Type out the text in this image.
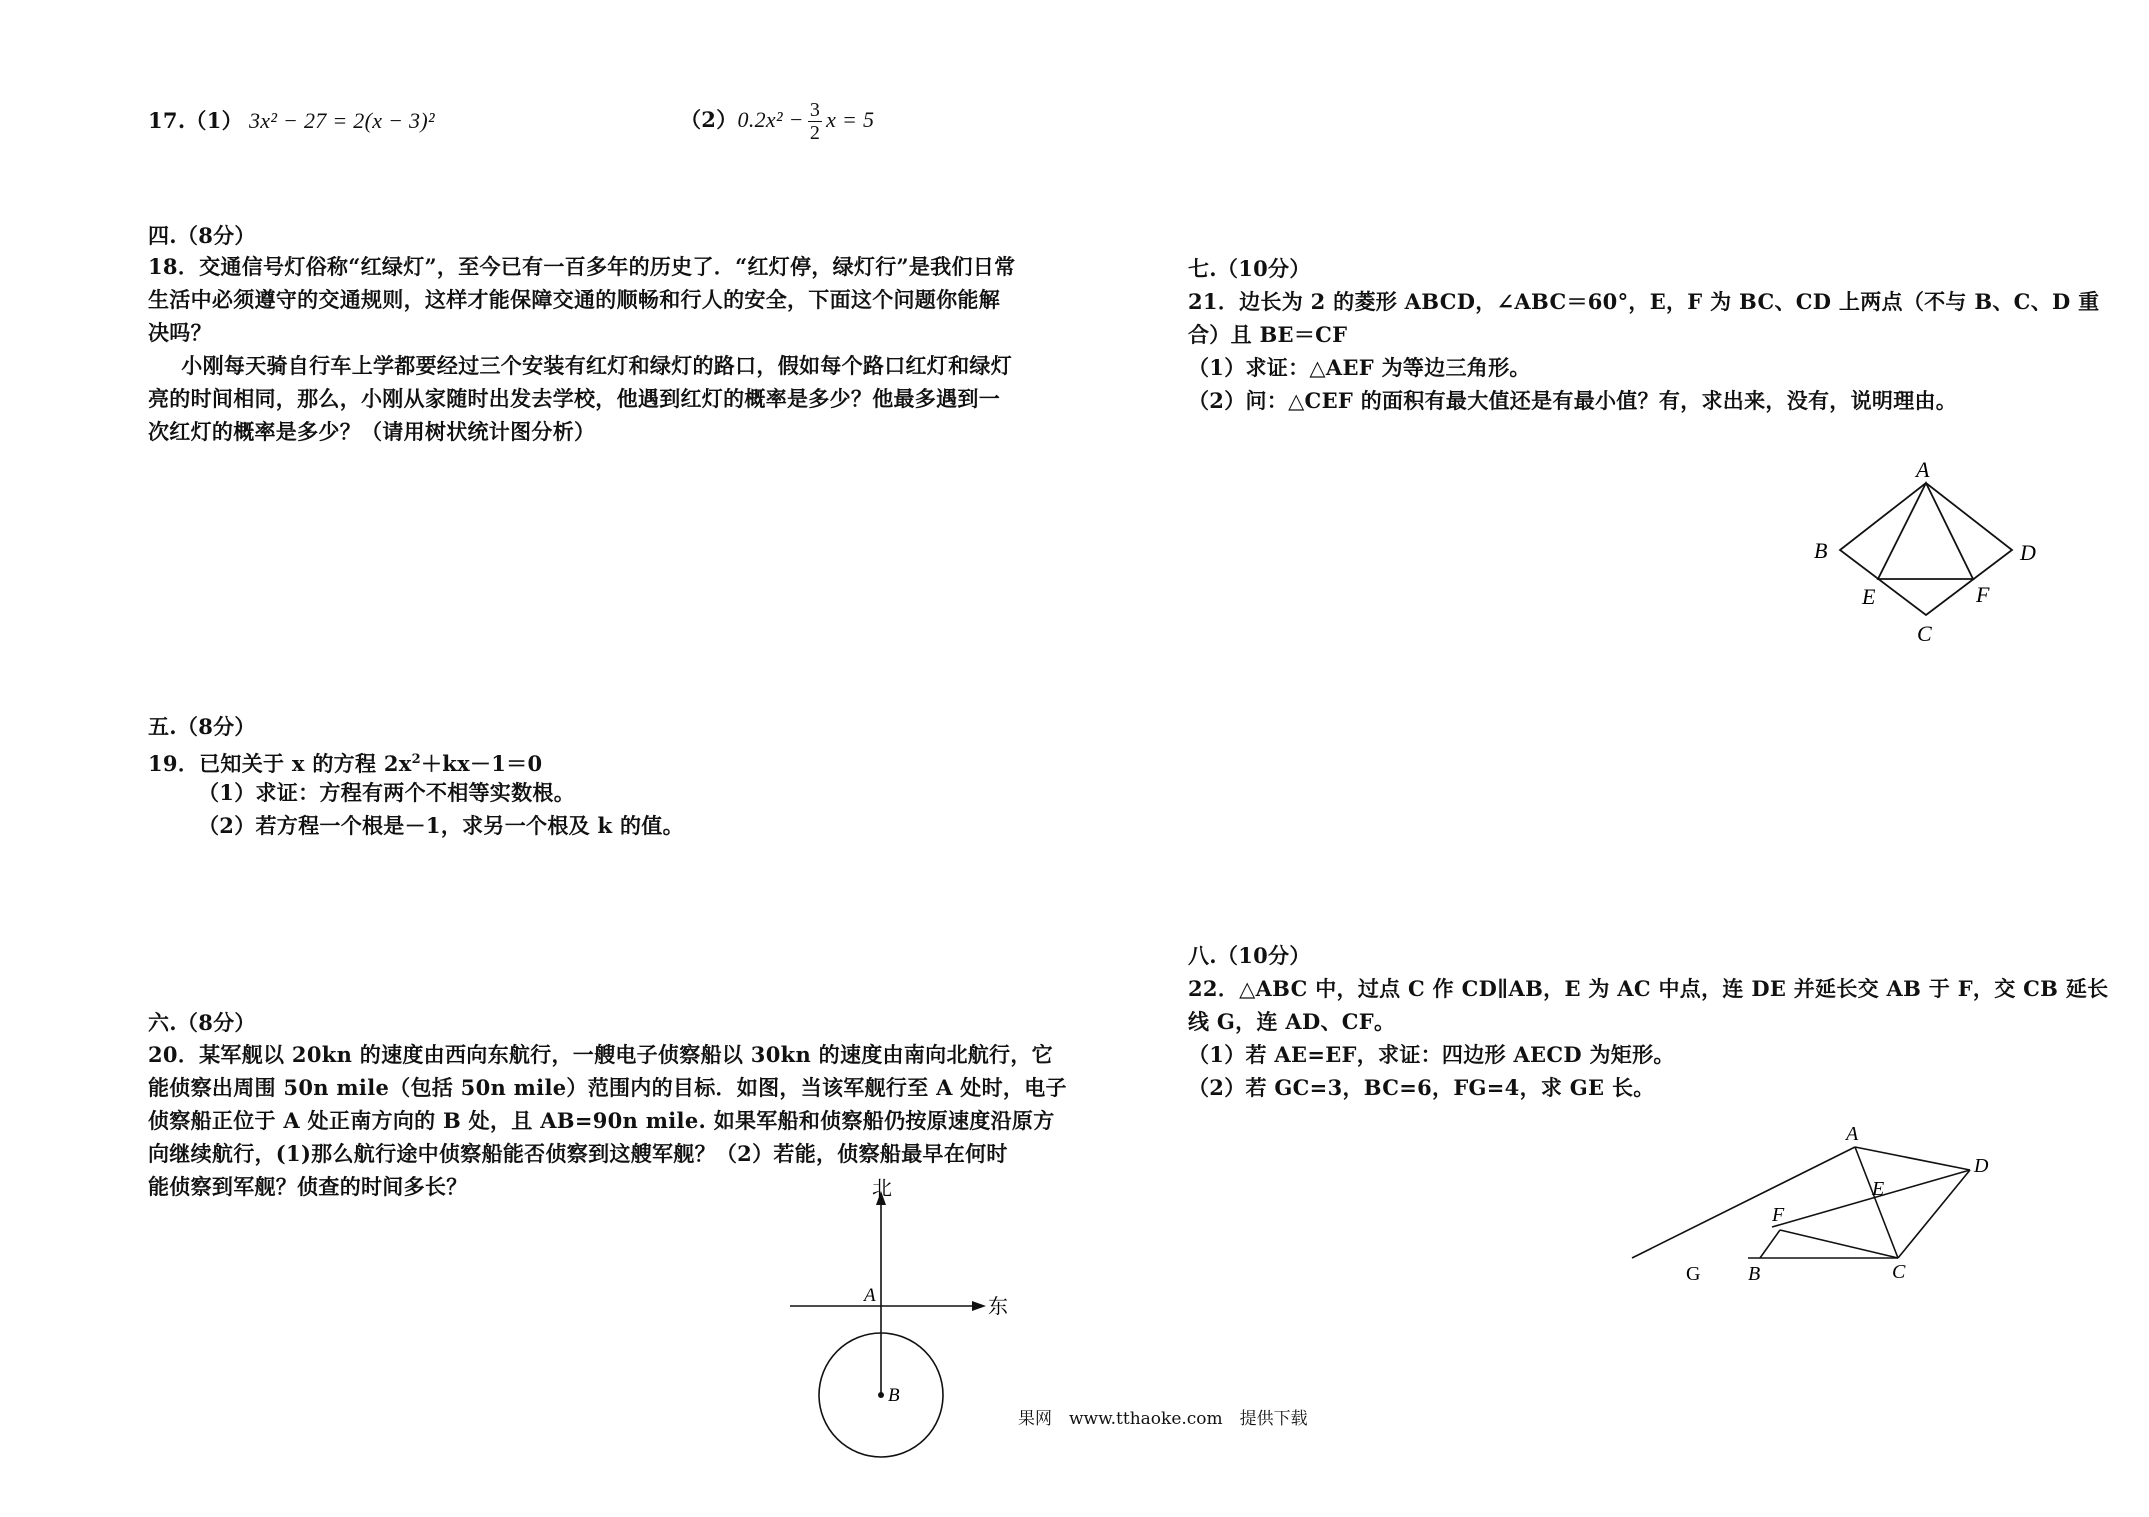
17.（1） 3x² − 27 = 2(x − 3)²	$(2)0.2x^2 - \frac{3}{2}$ x = 5
四.（8分）
18．交通信号灯俗称“红绿灯”，至今已有一百多年的历史了．“红灯停，绿灯行”是我们日常
生活中必须遵守的交通规则，这样才能保障交通的顺畅和行人的安全，下面这个问题你能解
决吗？
　小刚每天骑自行车上学都要经过三个安装有红灯和绿灯的路口，假如每个路口红灯和绿灯
亮的时间相同，那么，小刚从家随时出发去学校，他遇到红灯的概率是多少？他最多遇到一
次红灯的概率是多少？（请用树状统计图分析）
五.（8分）
19．已知关于 x 的方程 $2x^2+kx-1=0$
（1）求证：方程有两个不相等实数根。
（2）若方程一个根是－1，求另一个根及 k 的值。
六.（8分）
20．某军舰以 20kn 的速度由西向东航行，一艘电子侦察船以 30kn 的速度由南向北航行，它
能侦察出周围 50n mile（包括 50n mile）范围内的目标．如图，当该军舰行至 A 处时，电子
侦察船正位于 A 处正南方向的 B 处，且 AB=90n mile. 如果军船和侦察船仍按原速度沿原方
向继续航行，(1)那么航行途中侦察船能否侦察到这艘军舰？（2）若能，侦察船最早在何时
能侦察到军舰？侦查的时间多长？	北
东
A
B
七.（10分）
21．边长为 2 的菱形 ABCD，∠ABC＝60°，E，F 为 BC、CD 上两点（不与 B、C、D 重
合）且 BE＝CF
（1）求证：△AEF 为等边三角形。
（2）问：△CEF 的面积有最大值还是有最小值？有，求出来，没有，说明理由。
A
B
C
D
E	F
八.（10分）
22．△ABC 中，过点 C 作 CD∥AB，E 为 AC 中点，连 DE 并延长交 AB 于 F，交 CB 延长
线 G，连 AD、CF。
（1）若 AE=EF，求证：四边形 AECD 为矩形。
（2）若 GC=3，BC=6，FG=4，求 GE 长。
A
D
E
F
G B	C
果网　www.tthaoke.com　提供下载
